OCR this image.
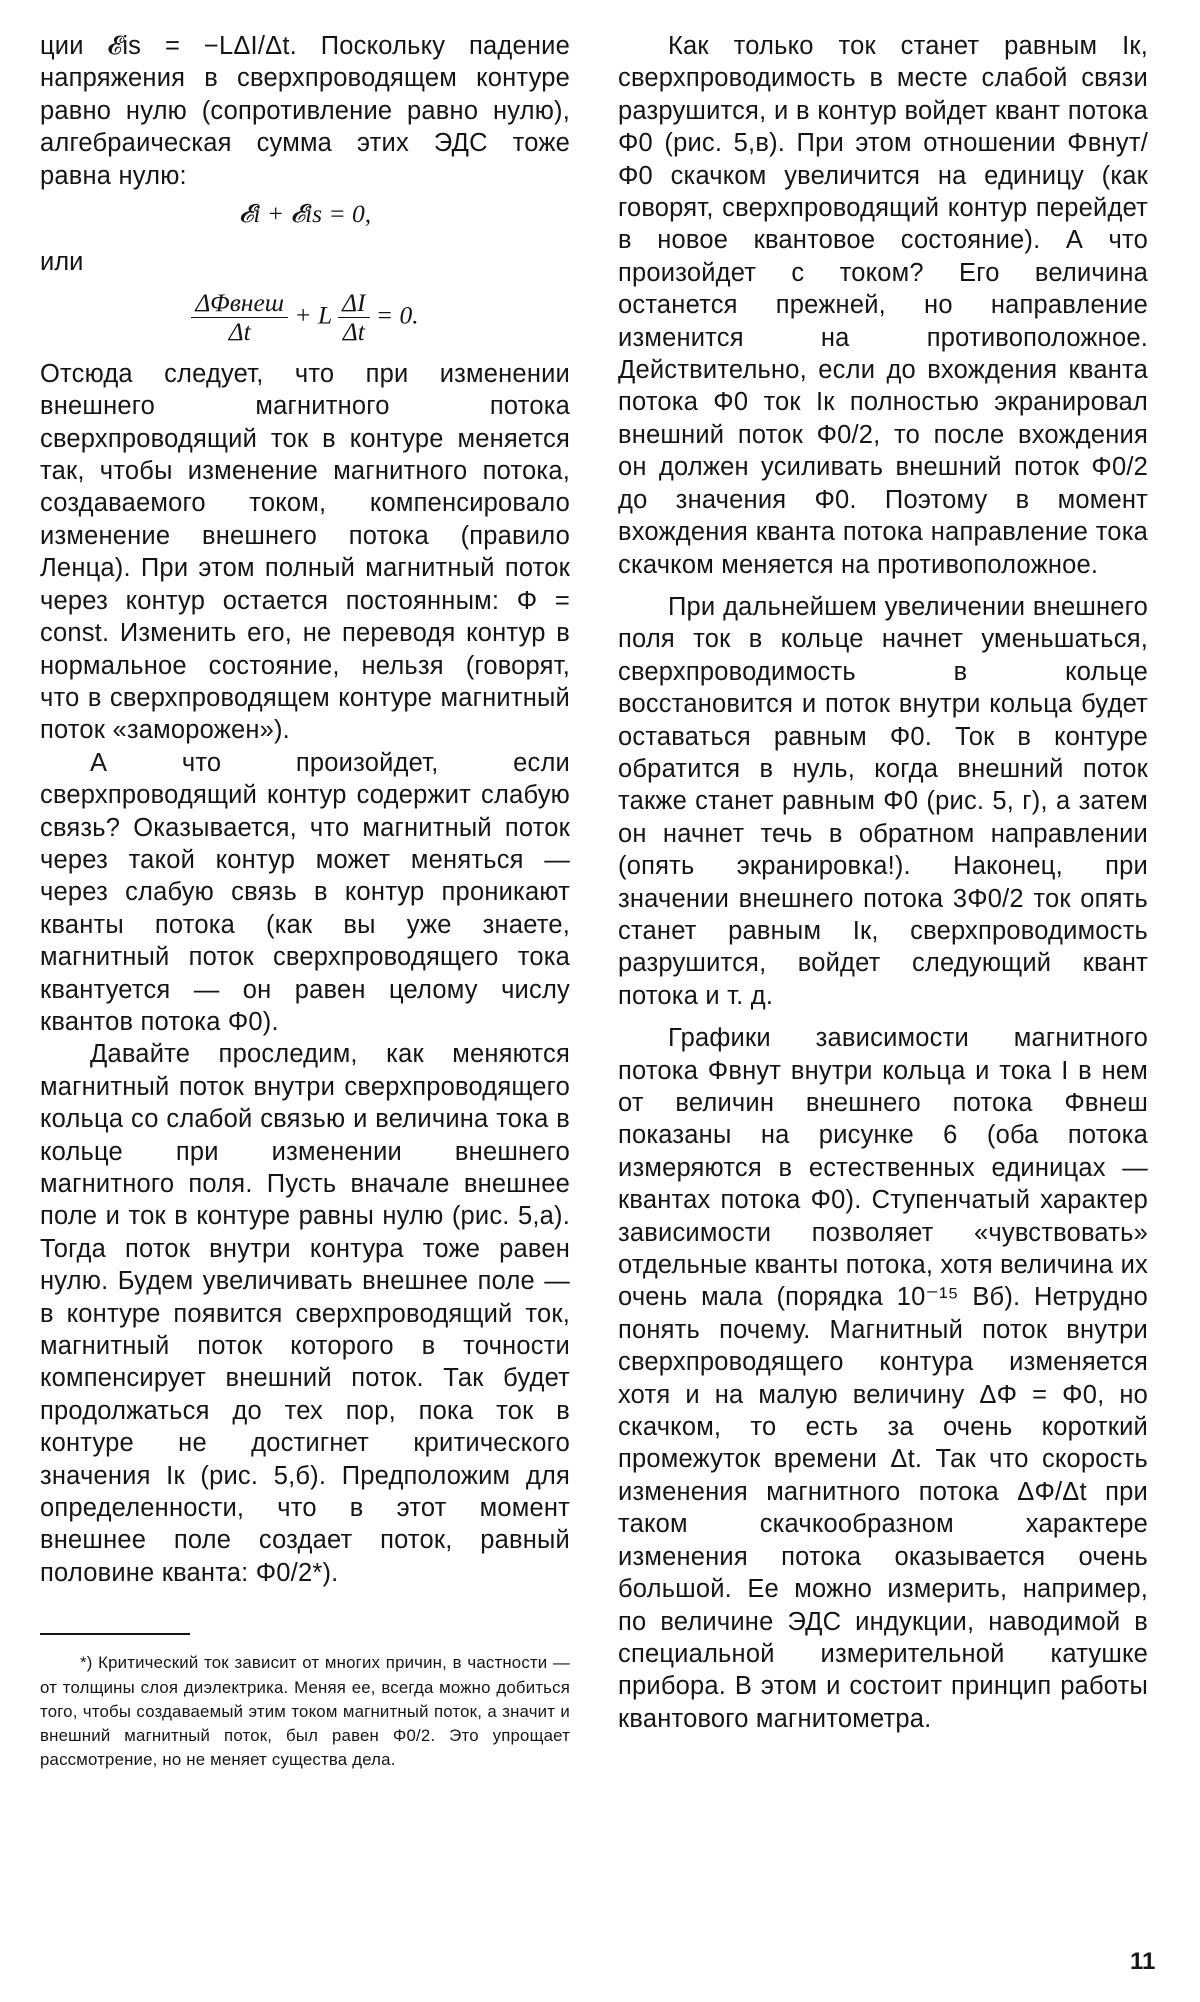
ции 𝓔is = −LΔI/Δt. Поскольку падение напряжения в сверхпроводящем контуре равно нулю (сопротивление равно нулю), алгебраическая сумма этих ЭДС тоже равна нулю:

𝓔i + 𝓔is = 0,
или
$\frac{\text{ΔΦвнеш}}{\Delta t} + L \frac{\Delta I}{\Delta t} = 0$.

Отсюда следует, что при изменении внешнего магнитного потока сверхпроводящий ток в контуре меняется так, чтобы изменение магнитного потока, создаваемого током, компенсировало изменение внешнего потока (правило Ленца). При этом полный магнитный поток через контур остается постоянным: Φ = const. Изменить его, не переводя контур в нормальное состояние, нельзя (говорят, что в сверхпроводящем контуре магнитный поток «заморожен»).

А что произойдет, если сверхпроводящий контур содержит слабую связь? Оказывается, что магнитный поток через такой контур может меняться — через слабую связь в контур проникают кванты потока (как вы уже знаете, магнитный поток сверхпроводящего тока квантуется — он равен целому числу квантов потока Φ0).

Давайте проследим, как меняются магнитный поток внутри сверхпроводящего кольца со слабой связью и величина тока в кольце при изменении внешнего магнитного поля. Пусть вначале внешнее поле и ток в контуре равны нулю (рис. 5,а). Тогда поток внутри контура тоже равен нулю. Будем увеличивать внешнее поле — в контуре появится сверхпроводящий ток, магнитный поток которого в точности компенсирует внешний поток. Так будет продолжаться до тех пор, пока ток в контуре не достигнет критического значения Iк (рис. 5,б). Предположим для определенности, что в этот момент внешнее поле создает поток, равный половине кванта: Φ0/2*).

*) Критический ток зависит от многих причин, в частности — от толщины слоя диэлектрика. Меняя ее, всегда можно добиться того, чтобы создаваемый этим током магнитный поток, а значит и внешний магнитный поток, был равен Φ0/2. Это упрощает рассмотрение, но не меняет существа дела.

Как только ток станет равным Iк, сверхпроводимость в месте слабой связи разрушится, и в контур войдет квант потока Φ0 (рис. 5,в). При этом отношении Φвнут/Φ0 скачком увеличится на единицу (как говорят, сверхпроводящий контур перейдет в новое квантовое состояние). А что произойдет с током? Его величина останется прежней, но направление изменится на противоположное. Действительно, если до вхождения кванта потока Φ0 ток Iк полностью экранировал внешний поток Φ0/2, то после вхождения он должен усиливать внешний поток Φ0/2 до значения Φ0. Поэтому в момент вхождения кванта потока направление тока скачком меняется на противоположное.

При дальнейшем увеличении внешнего поля ток в кольце начнет уменьшаться, сверхпроводимость в кольце восстановится и поток внутри кольца будет оставаться равным Φ0. Ток в контуре обратится в нуль, когда внешний поток также станет равным Φ0 (рис. 5, г), а затем он начнет течь в обратном направлении (опять экранировка!). Наконец, при значении внешнего потока 3Φ0/2 ток опять станет равным Iк, сверхпроводимость разрушится, войдет следующий квант потока и т. д.

Графики зависимости магнитного потока Φвнут внутри кольца и тока I в нем от величин внешнего потока Φвнеш показаны на рисунке 6 (оба потока измеряются в естественных единицах — квантах потока Φ0). Ступенчатый характер зависимости позволяет «чувствовать» отдельные кванты потока, хотя величина их очень мала (порядка 10⁻¹⁵ Вб). Нетрудно понять почему. Магнитный поток внутри сверхпроводящего контура изменяется хотя и на малую величину ΔΦ = Φ0, но скачком, то есть за очень короткий промежуток времени Δt. Так что скорость изменения магнитного потока ΔΦ/Δt при таком скачкообразном характере изменения потока оказывается очень большой. Ее можно измерить, например, по величине ЭДС индукции, наводимой в специальной измерительной катушке прибора. В этом и состоит принцип работы квантового магнитометра.

11
